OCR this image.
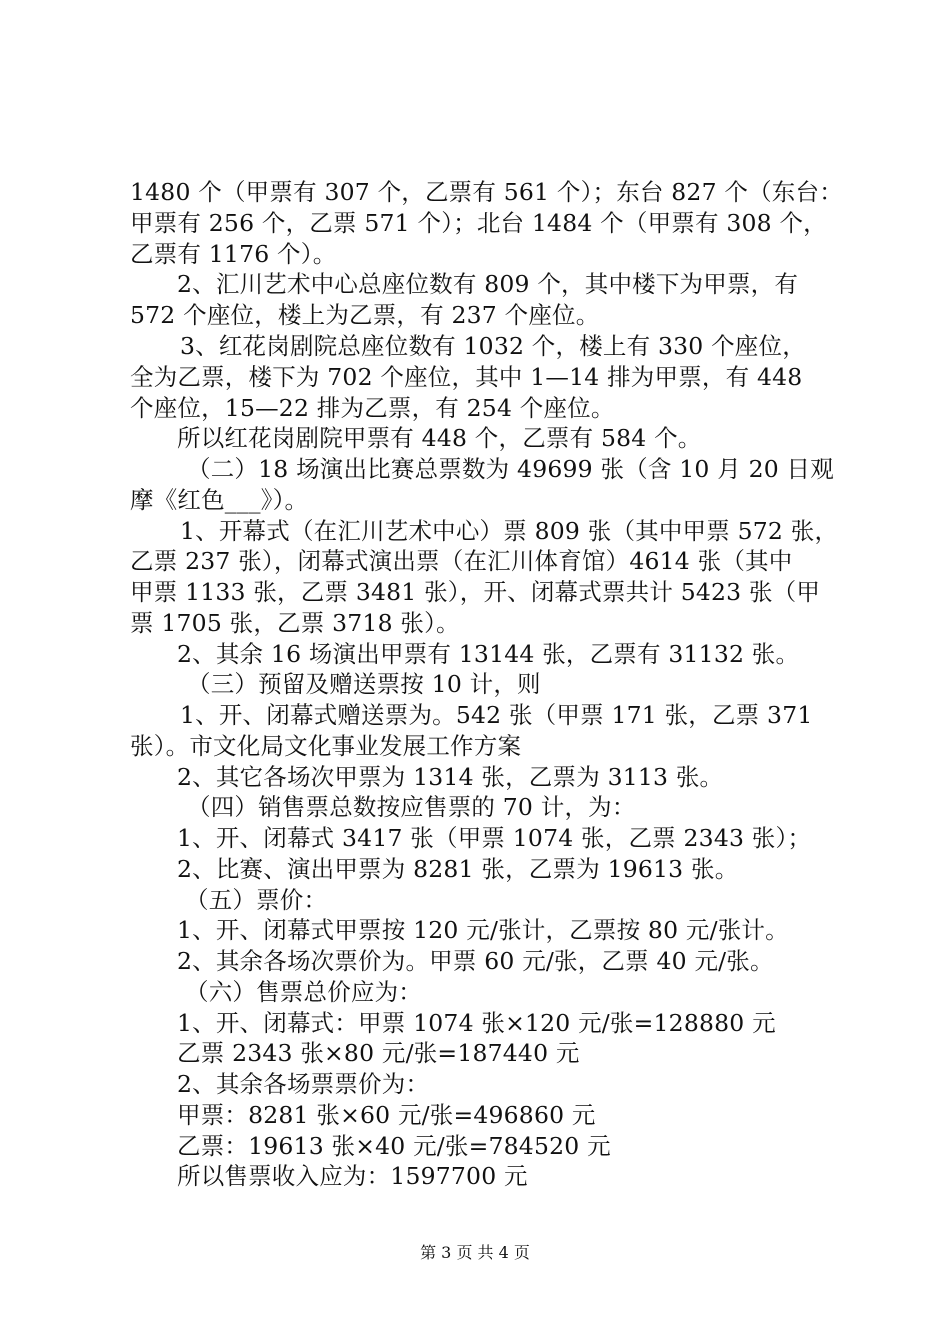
1480 个（甲票有 307 个，乙票有 561 个）；东台 827 个（东台：
甲票有 256 个，乙票 571 个）；北台 1484 个（甲票有 308 个，
乙票有 1176 个）。
2、汇川艺术中心总座位数有 809 个，其中楼下为甲票，有
572 个座位，楼上为乙票，有 237 个座位。
3、红花岗剧院总座位数有 1032 个，楼上有 330 个座位，
全为乙票，楼下为 702 个座位，其中 1—14 排为甲票，有 448
个座位，15—22 排为乙票，有 254 个座位。
所以红花岗剧院甲票有 448 个，乙票有 584 个。
（二）18 场演出比赛总票数为 49699 张（含 10 月 20 日观
摩《红色___》）。
1、开幕式（在汇川艺术中心）票 809 张（其中甲票 572 张，
乙票 237 张），闭幕式演出票（在汇川体育馆）4614 张（其中
甲票 1133 张，乙票 3481 张），开、闭幕式票共计 5423 张（甲
票 1705 张，乙票 3718 张）。
2、其余 16 场演出甲票有 13144 张，乙票有 31132 张。
（三）预留及赠送票按 10 计，则
1、开、闭幕式赠送票为。542 张（甲票 171 张，乙票 371
张）。市文化局文化事业发展工作方案
2、其它各场次甲票为 1314 张，乙票为 3113 张。
（四）销售票总数按应售票的 70 计，为：
1、开、闭幕式 3417 张（甲票 1074 张，乙票 2343 张）；
2、比赛、演出甲票为 8281 张，乙票为 19613 张。
（五）票价：
1、开、闭幕式甲票按 120 元/张计，乙票按 80 元/张计。
2、其余各场次票价为。甲票 60 元/张，乙票 40 元/张。
（六）售票总价应为：
1、开、闭幕式：甲票 1074 张×120 元/张=128880 元
乙票 2343 张×80 元/张=187440 元
2、其余各场票票价为：
甲票：8281 张×60 元/张=496860 元
乙票：19613 张×40 元/张=784520 元
所以售票收入应为：1597700 元
第 3 页 共 4 页
